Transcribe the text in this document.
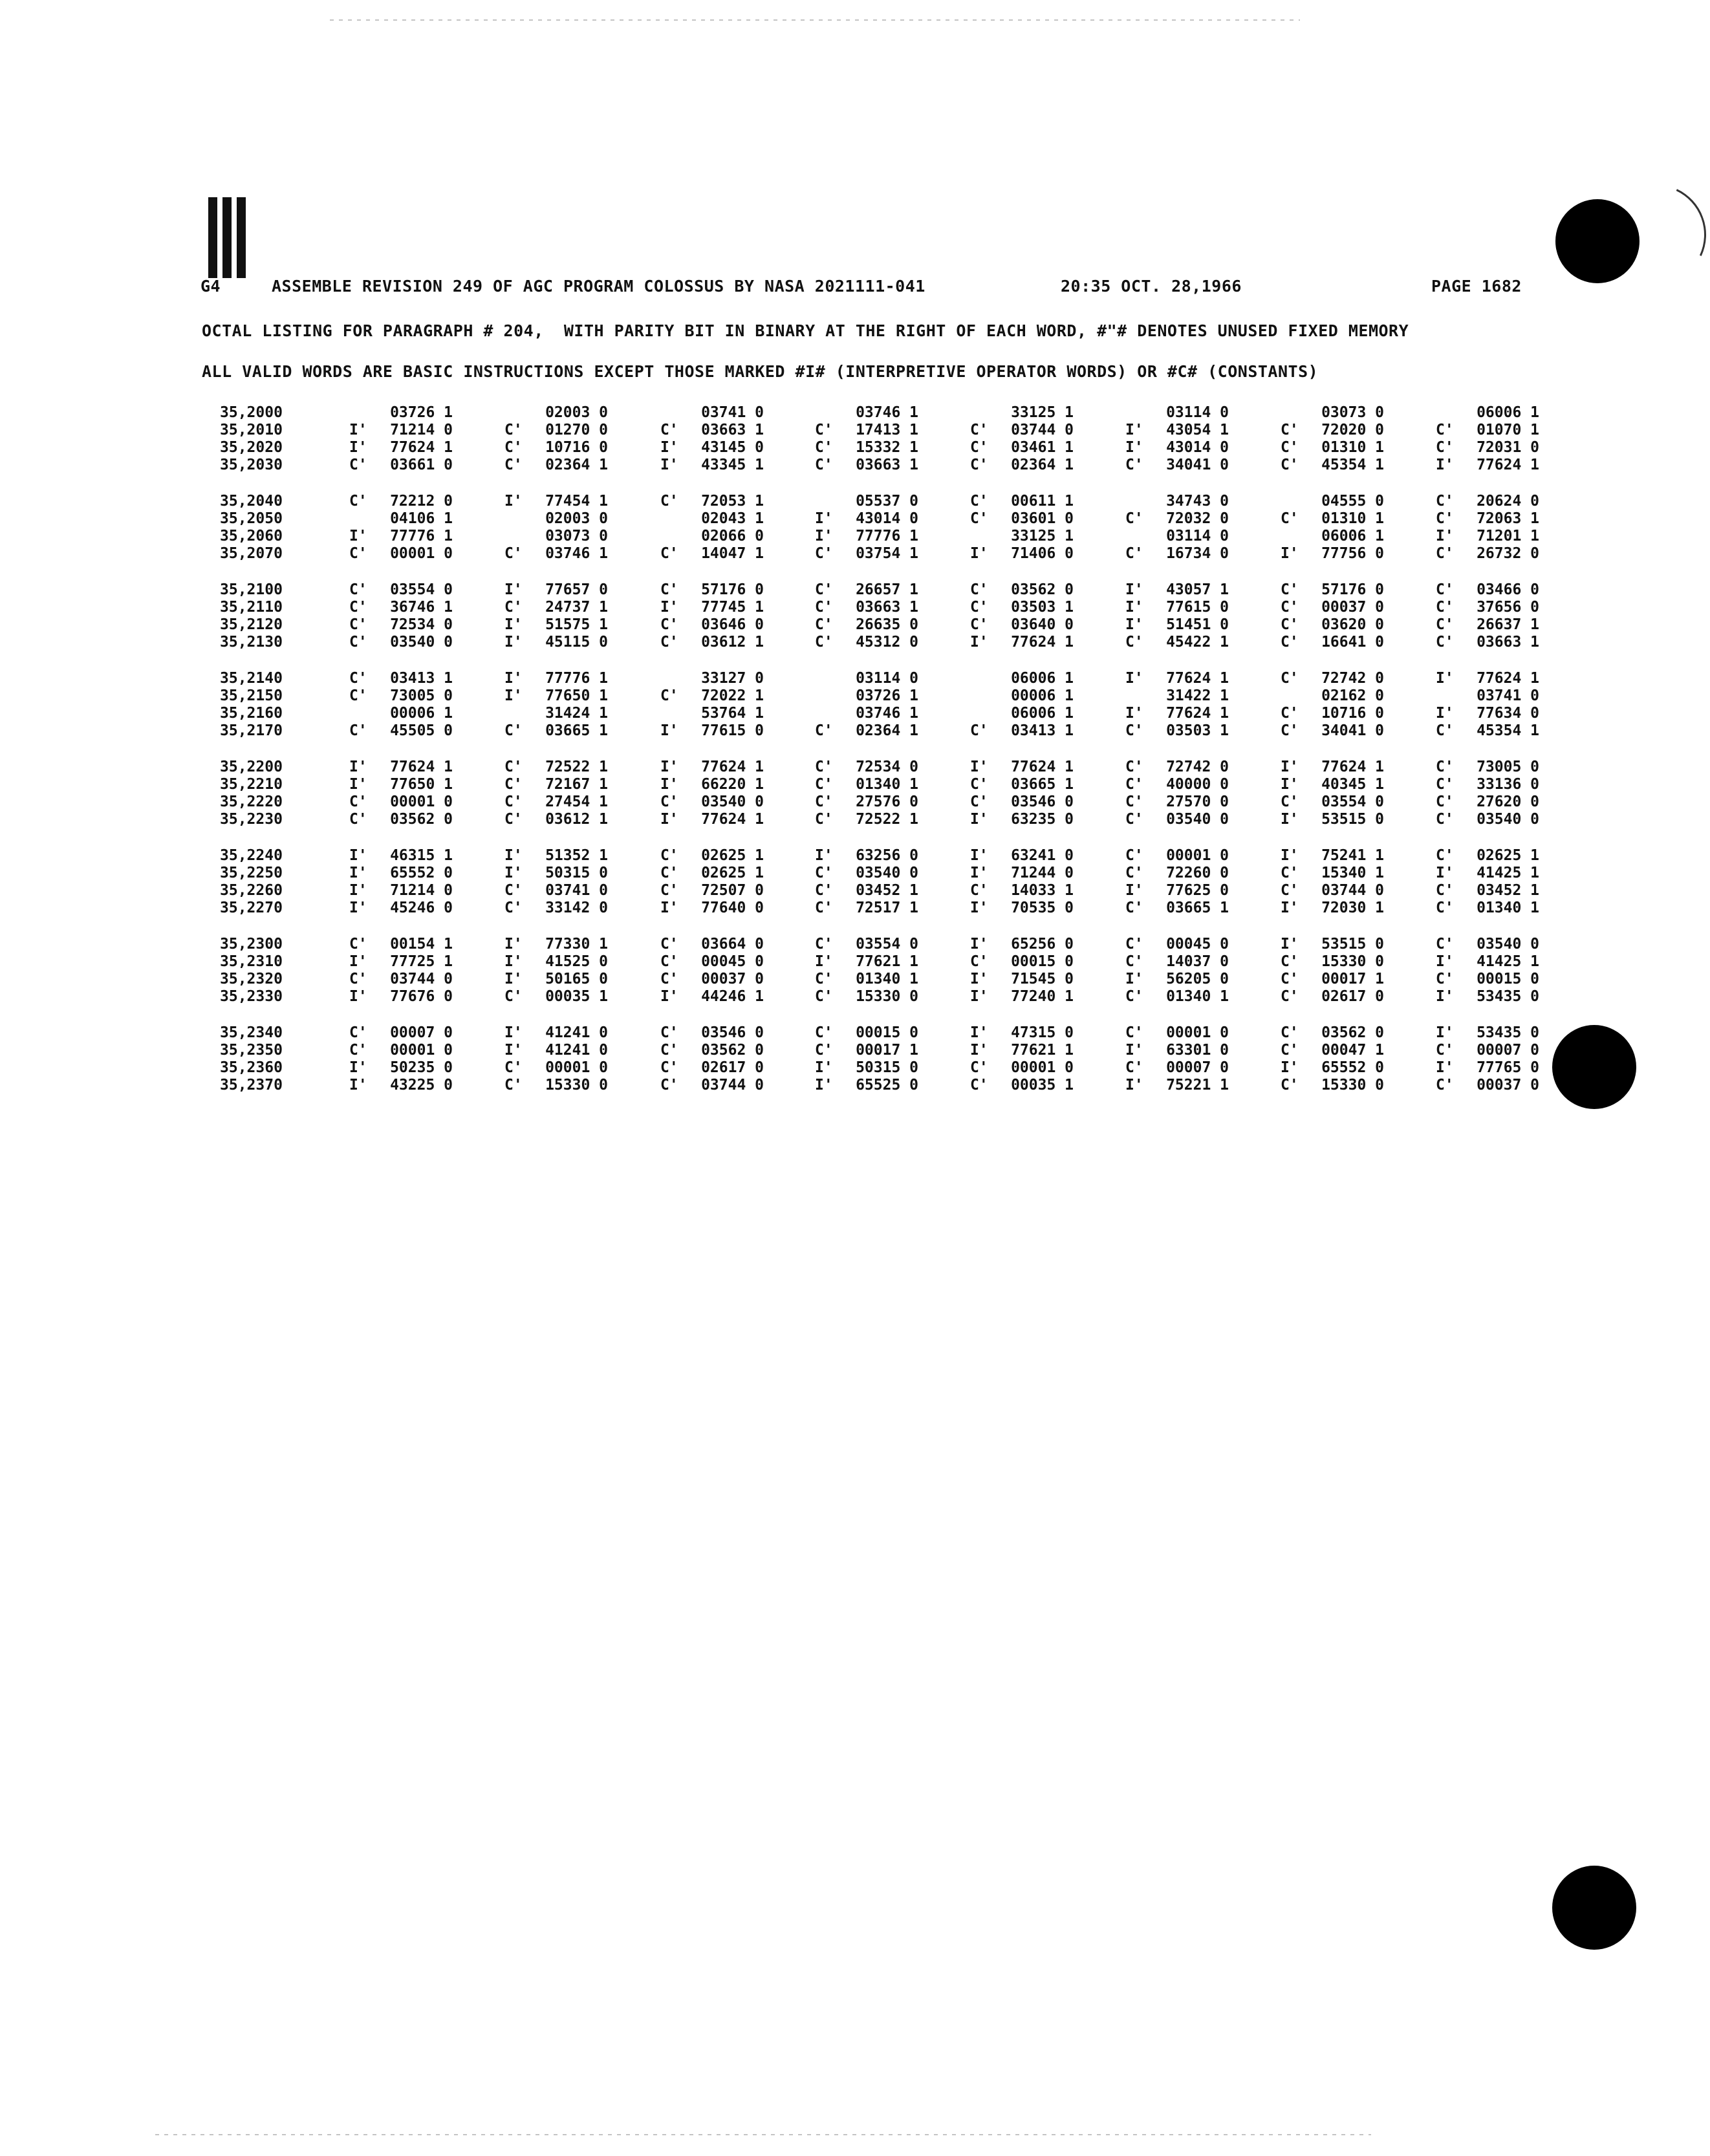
G4	ASSEMBLE REVISION 249 OF AGC PROGRAM COLOSSUS BY NASA 2021111-041	20:35 OCT. 28,1966	PAGE 1682
OCTAL LISTING FOR PARAGRAPH # 204,  WITH PARITY BIT IN BINARY AT THE RIGHT OF EACH WORD, #"# DENOTES UNUSED FIXED MEMORY
ALL VALID WORDS ARE BASIC INSTRUCTIONS EXCEPT THOSE MARKED #I# (INTERPRETIVE OPERATOR WORDS) OR #C# (CONSTANTS)
35,2000	03726 1	02003 0	03741 0	03746 1	33125 1	03114 0	03073 0	06006 1
35,2010	I'	71214 0	C'	01270 0	C'	03663 1	C'	17413 1	C'	03744 0	I'	43054 1	C'	72020 0	C'	01070 1
35,2020	I'	77624 1	C'	10716 0	I'	43145 0	C'	15332 1	C'	03461 1	I'	43014 0	C'	01310 1	C'	72031 0
35,2030	C'	03661 0	C'	02364 1	I'	43345 1	C'	03663 1	C'	02364 1	C'	34041 0	C'	45354 1	I'	77624 1
35,2040	C'	72212 0	I'	77454 1	C'	72053 1	05537 0	C'	00611 1	34743 0	04555 0	C'	20624 0
35,2050	04106 1	02003 0	02043 1	I'	43014 0	C'	03601 0	C'	72032 0	C'	01310 1	C'	72063 1
35,2060	I'	77776 1	03073 0	02066 0	I'	77776 1	33125 1	03114 0	06006 1	I'	71201 1
35,2070	C'	00001 0	C'	03746 1	C'	14047 1	C'	03754 1	I'	71406 0	C'	16734 0	I'	77756 0	C'	26732 0
35,2100	C'	03554 0	I'	77657 0	C'	57176 0	C'	26657 1	C'	03562 0	I'	43057 1	C'	57176 0	C'	03466 0
35,2110	C'	36746 1	C'	24737 1	I'	77745 1	C'	03663 1	C'	03503 1	I'	77615 0	C'	00037 0	C'	37656 0
35,2120	C'	72534 0	I'	51575 1	C'	03646 0	C'	26635 0	C'	03640 0	I'	51451 0	C'	03620 0	C'	26637 1
35,2130	C'	03540 0	I'	45115 0	C'	03612 1	C'	45312 0	I'	77624 1	C'	45422 1	C'	16641 0	C'	03663 1
35,2140	C'	03413 1	I'	77776 1	33127 0	03114 0	06006 1	I'	77624 1	C'	72742 0	I'	77624 1
35,2150	C'	73005 0	I'	77650 1	C'	72022 1	03726 1	00006 1	31422 1	02162 0	03741 0
35,2160	00006 1	31424 1	53764 1	03746 1	06006 1	I'	77624 1	C'	10716 0	I'	77634 0
35,2170	C'	45505 0	C'	03665 1	I'	77615 0	C'	02364 1	C'	03413 1	C'	03503 1	C'	34041 0	C'	45354 1
35,2200	I'	77624 1	C'	72522 1	I'	77624 1	C'	72534 0	I'	77624 1	C'	72742 0	I'	77624 1	C'	73005 0
35,2210	I'	77650 1	C'	72167 1	I'	66220 1	C'	01340 1	C'	03665 1	C'	40000 0	I'	40345 1	C'	33136 0
35,2220	C'	00001 0	C'	27454 1	C'	03540 0	C'	27576 0	C'	03546 0	C'	27570 0	C'	03554 0	C'	27620 0
35,2230	C'	03562 0	C'	03612 1	I'	77624 1	C'	72522 1	I'	63235 0	C'	03540 0	I'	53515 0	C'	03540 0
35,2240	I'	46315 1	I'	51352 1	C'	02625 1	I'	63256 0	I'	63241 0	C'	00001 0	I'	75241 1	C'	02625 1
35,2250	I'	65552 0	I'	50315 0	C'	02625 1	C'	03540 0	I'	71244 0	C'	72260 0	C'	15340 1	I'	41425 1
35,2260	I'	71214 0	C'	03741 0	C'	72507 0	C'	03452 1	C'	14033 1	I'	77625 0	C'	03744 0	C'	03452 1
35,2270	I'	45246 0	C'	33142 0	I'	77640 0	C'	72517 1	I'	70535 0	C'	03665 1	I'	72030 1	C'	01340 1
35,2300	C'	00154 1	I'	77330 1	C'	03664 0	C'	03554 0	I'	65256 0	C'	00045 0	I'	53515 0	C'	03540 0
35,2310	I'	77725 1	I'	41525 0	C'	00045 0	I'	77621 1	C'	00015 0	C'	14037 0	C'	15330 0	I'	41425 1
35,2320	C'	03744 0	I'	50165 0	C'	00037 0	C'	01340 1	I'	71545 0	I'	56205 0	C'	00017 1	C'	00015 0
35,2330	I'	77676 0	C'	00035 1	I'	44246 1	C'	15330 0	I'	77240 1	C'	01340 1	C'	02617 0	I'	53435 0
35,2340	C'	00007 0	I'	41241 0	C'	03546 0	C'	00015 0	I'	47315 0	C'	00001 0	C'	03562 0	I'	53435 0
35,2350	C'	00001 0	I'	41241 0	C'	03562 0	C'	00017 1	I'	77621 1	I'	63301 0	C'	00047 1	C'	00007 0
35,2360	I'	50235 0	C'	00001 0	C'	02617 0	I'	50315 0	C'	00001 0	C'	00007 0	I'	65552 0	I'	77765 0
35,2370	I'	43225 0	C'	15330 0	C'	03744 0	I'	65525 0	C'	00035 1	I'	75221 1	C'	15330 0	C'	00037 0
